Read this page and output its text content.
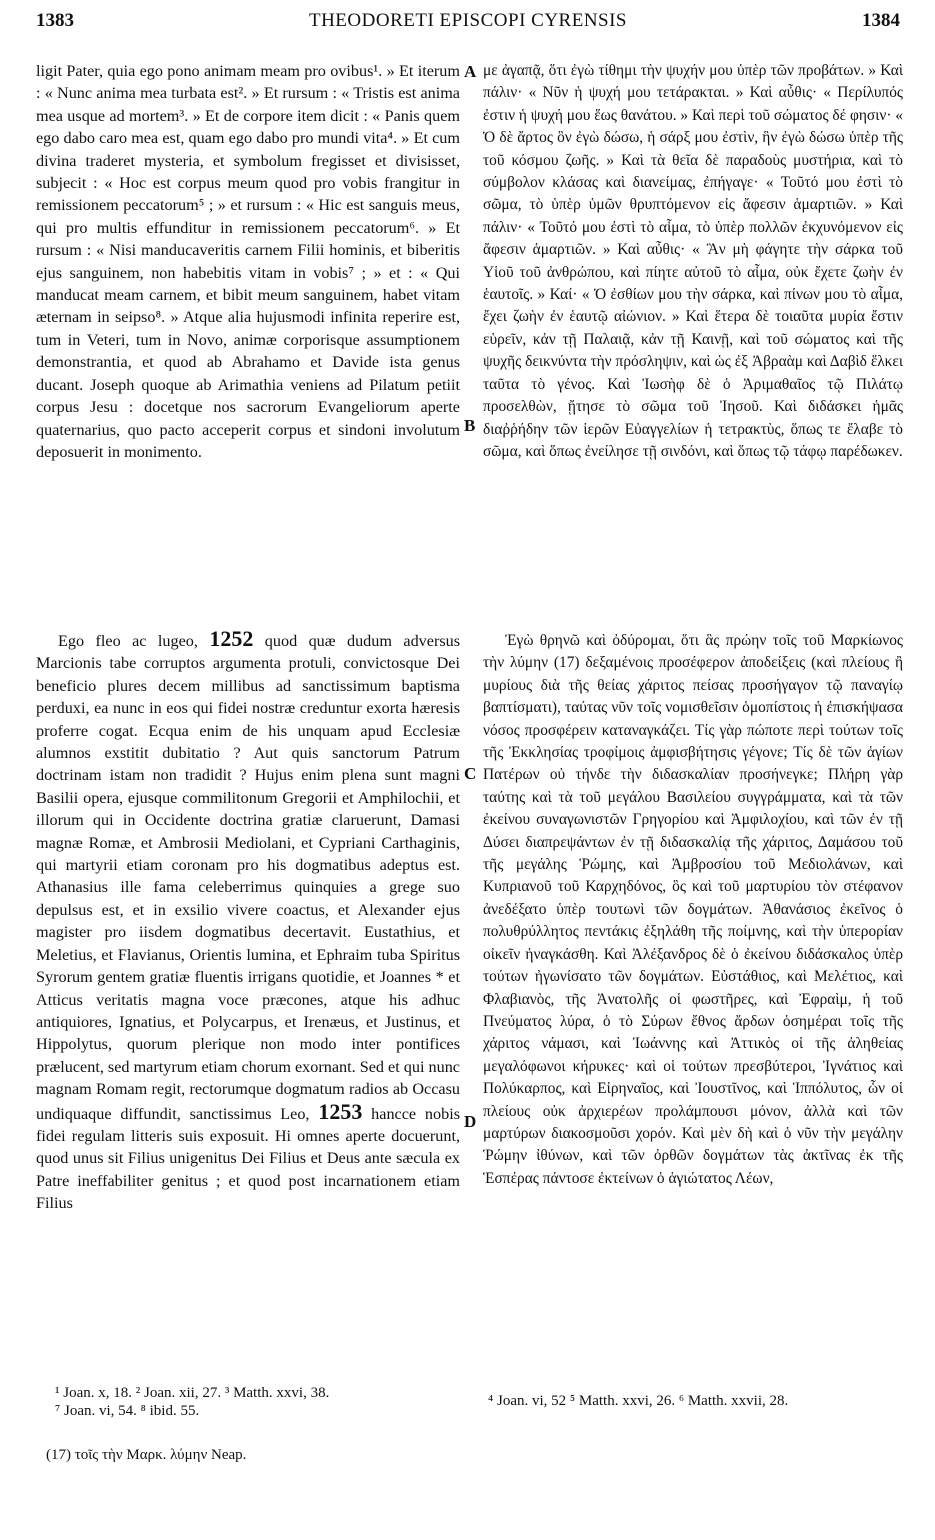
1383	THEODORETI EPISCOPI CYRENSIS	1384
A
B
C
D

ligit Pater, quia ego pono animam meam pro ovibus¹. » Et iterum : « Nunc anima mea turbata est². » Et rursum : « Tristis est anima mea usque ad mortem³. » Et de corpore item dicit : « Panis quem ego dabo caro mea est, quam ego dabo pro mundi vita⁴. » Et cum divina traderet mysteria, et symbolum fregisset et divisisset, subjecit : « Hoc est corpus meum quod pro vobis frangitur in remissionem peccatorum⁵ ; » et rursum : « Hic est sanguis meus, qui pro multis effunditur in remissionem peccatorum⁶. » Et rursum : « Nisi manducaveritis carnem Filii hominis, et biberitis ejus sanguinem, non habebitis vitam in vobis⁷ ; » et : « Qui manducat meam carnem, et bibit meum sanguinem, habet vitam æternam in seipso⁸. » Atque alia hujusmodi infinita reperire est, tum in Veteri, tum in Novo, animæ corporisque assumptionem demonstrantia, et quod ab Abrahamo et Davide ista genus ducant. Joseph quoque ab Arimathia veniens ad Pilatum petiit corpus Jesu : docetque nos sacrorum Evangeliorum aperte quaternarius, quo pacto acceperit corpus et sindoni involutum deposuerit in monimento.

Ego fleo ac lugeo, 1252 quod quæ dudum adversus Marcionis tabe corruptos argumenta protuli, convictosque Dei beneficio plures decem millibus ad sanctissimum baptisma perduxi, ea nunc in eos qui fidei nostræ creduntur exorta hæresis proferre cogat. Ecqua enim de his unquam apud Ecclesiæ alumnos exstitit dubitatio ? Aut quis sanctorum Patrum doctrinam istam non tradidit ? Hujus enim plena sunt magni Basilii opera, ejusque commilitonum Gregorii et Amphilochii, et illorum qui in Occidente doctrina gratiæ claruerunt, Damasi magnæ Romæ, et Ambrosii Mediolani, et Cypriani Carthaginis, qui martyrii etiam coronam pro his dogmatibus adeptus est. Athanasius ille fama celeberrimus quinquies a grege suo depulsus est, et in exsilio vivere coactus, et Alexander ejus magister pro iisdem dogmatibus decertavit. Eustathius, et Meletius, et Flavianus, Orientis lumina, et Ephraim tuba Spiritus Syrorum gentem gratiæ fluentis irrigans quotidie, et Joannes * et Atticus veritatis magna voce præcones, atque his adhuc antiquiores, Ignatius, et Polycarpus, et Irenæus, et Justinus, et Hippolytus, quorum plerique non modo inter pontifices prælucent, sed martyrum etiam chorum exornant. Sed et qui nunc magnam Romam regit, rectorumque dogmatum radios ab Occasu undiquaque diffundit, sanctissimus Leo, 1253 hancce nobis fidei regulam litteris suis exposuit. Hi omnes aperte docuerunt, quod unus sit Filius unigenitus Dei Filius et Deus ante sæcula ex Patre ineffabiliter genitus ; et quod post incarnationem etiam Filius

με ἀγαπᾷ, ὅτι ἐγὼ τίθημι τὴν ψυχήν μου ὑπὲρ τῶν προβάτων. » Καὶ πάλιν· « Νῦν ἡ ψυχή μου τετάρακται. » Καὶ αὖθις· « Περίλυπός ἐστιν ἡ ψυχή μου ἕως θανάτου. » Καὶ περὶ τοῦ σώματος δέ φησιν· « Ὁ δὲ ἄρτος ὃν ἐγὼ δώσω, ἡ σάρξ μου ἐστὶν, ἣν ἐγὼ δώσω ὑπὲρ τῆς τοῦ κόσμου ζωῆς. » Καὶ τὰ θεῖα δὲ παραδοὺς μυστήρια, καὶ τὸ σύμβολον κλάσας καὶ διανείμας, ἐπήγαγε· « Τοῦτό μου ἐστὶ τὸ σῶμα, τὸ ὑπὲρ ὑμῶν θρυπτόμενον εἰς ἄφεσιν ἁμαρτιῶν. » Καὶ πάλιν· « Τοῦτό μου ἐστὶ τὸ αἷμα, τὸ ὑπὲρ πολλῶν ἐκχυνόμενον εἰς ἄφεσιν ἁμαρτιῶν. » Καὶ αὖθις· « Ἂν μὴ φάγητε τὴν σάρκα τοῦ Υἱοῦ τοῦ ἀνθρώπου, καὶ πίητε αὐτοῦ τὸ αἷμα, οὐκ ἔχετε ζωὴν ἐν ἑαυτοῖς. » Καί· « Ὁ ἐσθίων μου τὴν σάρκα, καὶ πίνων μου τὸ αἷμα, ἔχει ζωὴν ἐν ἑαυτῷ αἰώνιον. » Καὶ ἕτερα δὲ τοιαῦτα μυρία ἔστιν εὑρεῖν, κἀν τῇ Παλαιᾷ, κἀν τῇ Καινῇ, καὶ τοῦ σώματος καὶ τῆς ψυχῆς δεικνύντα τὴν πρόσληψιν, καὶ ὡς ἐξ Ἀβραὰμ καὶ Δαβὶδ ἕλκει ταῦτα τὸ γένος. Καὶ Ἰωσὴφ δὲ ὁ Ἀριμαθαῖος τῷ Πιλάτῳ προσελθὼν, ᾔτησε τὸ σῶμα τοῦ Ἰησοῦ. Καὶ διδάσκει ἡμᾶς διαῤῥήδην τῶν ἱερῶν Εὐαγγελίων ἡ τετρακτὺς, ὅπως τε ἔλαβε τὸ σῶμα, καὶ ὅπως ἐνείλησε τῇ σινδόνι, καὶ ὅπως τῷ τάφῳ παρέδωκεν.

Ἐγὼ θρηνῶ καὶ ὀδύρομαι, ὅτι ἃς πρώην τοῖς τοῦ Μαρκίωνος τὴν λύμην (17) δεξαμένοις προσέφερον ἀποδείξεις (καὶ πλείους ἢ μυρίους διὰ τῆς θείας χάριτος πείσας προσήγαγον τῷ παναγίῳ βαπτίσματι), ταύτας νῦν τοῖς νομισθεῖσιν ὁμοπίστοις ἡ ἐπισκήψασα νόσος προσφέρειν καταναγκάζει. Τίς γὰρ πώποτε περὶ τούτων τοῖς τῆς Ἐκκλησίας τροφίμοις ἀμφισβήτησις γέγονε; Τίς δὲ τῶν ἁγίων Πατέρων οὐ τήνδε τὴν διδασκαλίαν προσήνεγκε; Πλήρη γὰρ ταύτης καὶ τὰ τοῦ μεγάλου Βασιλείου συγγράμματα, καὶ τὰ τῶν ἐκείνου συναγωνιστῶν Γρηγορίου καὶ Ἀμφιλοχίου, καὶ τῶν ἐν τῇ Δύσει διαπρεψάντων ἐν τῇ διδασκαλίᾳ τῆς χάριτος, Δαμάσου τοῦ τῆς μεγάλης Ῥώμης, καὶ Ἀμβροσίου τοῦ Μεδιολάνων, καὶ Κυπριανοῦ τοῦ Καρχηδόνος, ὃς καὶ τοῦ μαρτυρίου τὸν στέφανον ἀνεδέξατο ὑπὲρ τουτωνὶ τῶν δογμάτων. Ἀθανάσιος ἐκεῖνος ὁ πολυθρύλλητος πεντάκις ἐξηλάθη τῆς ποίμνης, καὶ τὴν ὑπερορίαν οἰκεῖν ἠναγκάσθη. Καὶ Ἀλέξανδρος δὲ ὁ ἐκείνου διδάσκαλος ὑπὲρ τούτων ἠγωνίσατο τῶν δογμάτων. Εὐστάθιος, καὶ Μελέτιος, καὶ Φλαβιανὸς, τῆς Ἀνατολῆς οἱ φωστῆρες, καὶ Ἐφραὶμ, ἡ τοῦ Πνεύματος λύρα, ὁ τὸ Σύρων ἔθνος ἄρδων ὁσημέραι τοῖς τῆς χάριτος νάμασι, καὶ Ἰωάννης καὶ Ἀττικὸς οἱ τῆς ἀληθείας μεγαλόφωνοι κήρυκες· καὶ οἱ τούτων πρεσβύτεροι, Ἰγνάτιος καὶ Πολύκαρπος, καὶ Εἰρηναῖος, καὶ Ἰουστῖνος, καὶ Ἱππόλυτος, ὧν οἱ πλείους οὐκ ἀρχιερέων προλάμπουσι μόνον, ἀλλὰ καὶ τῶν μαρτύρων διακοσμοῦσι χορόν. Καὶ μὲν δὴ καὶ ὁ νῦν τὴν μεγάλην Ῥώμην ἰθύνων, καὶ τῶν ὀρθῶν δογμάτων τὰς ἀκτῖνας ἐκ τῆς Ἑσπέρας πάντοσε ἐκτείνων ὁ ἁγιώτατος Λέων,

¹ Joan. x, 18. ² Joan. xii, 27. ³ Matth. xxvi, 38.

⁷ Joan. vi, 54. ⁸ ibid. 55.

⁴ Joan. vi, 52 ⁵ Matth. xxvi, 26. ⁶ Matth. xxvii, 28.

(17) τοῖς τὴν Μαρκ. λύμην Neap.
